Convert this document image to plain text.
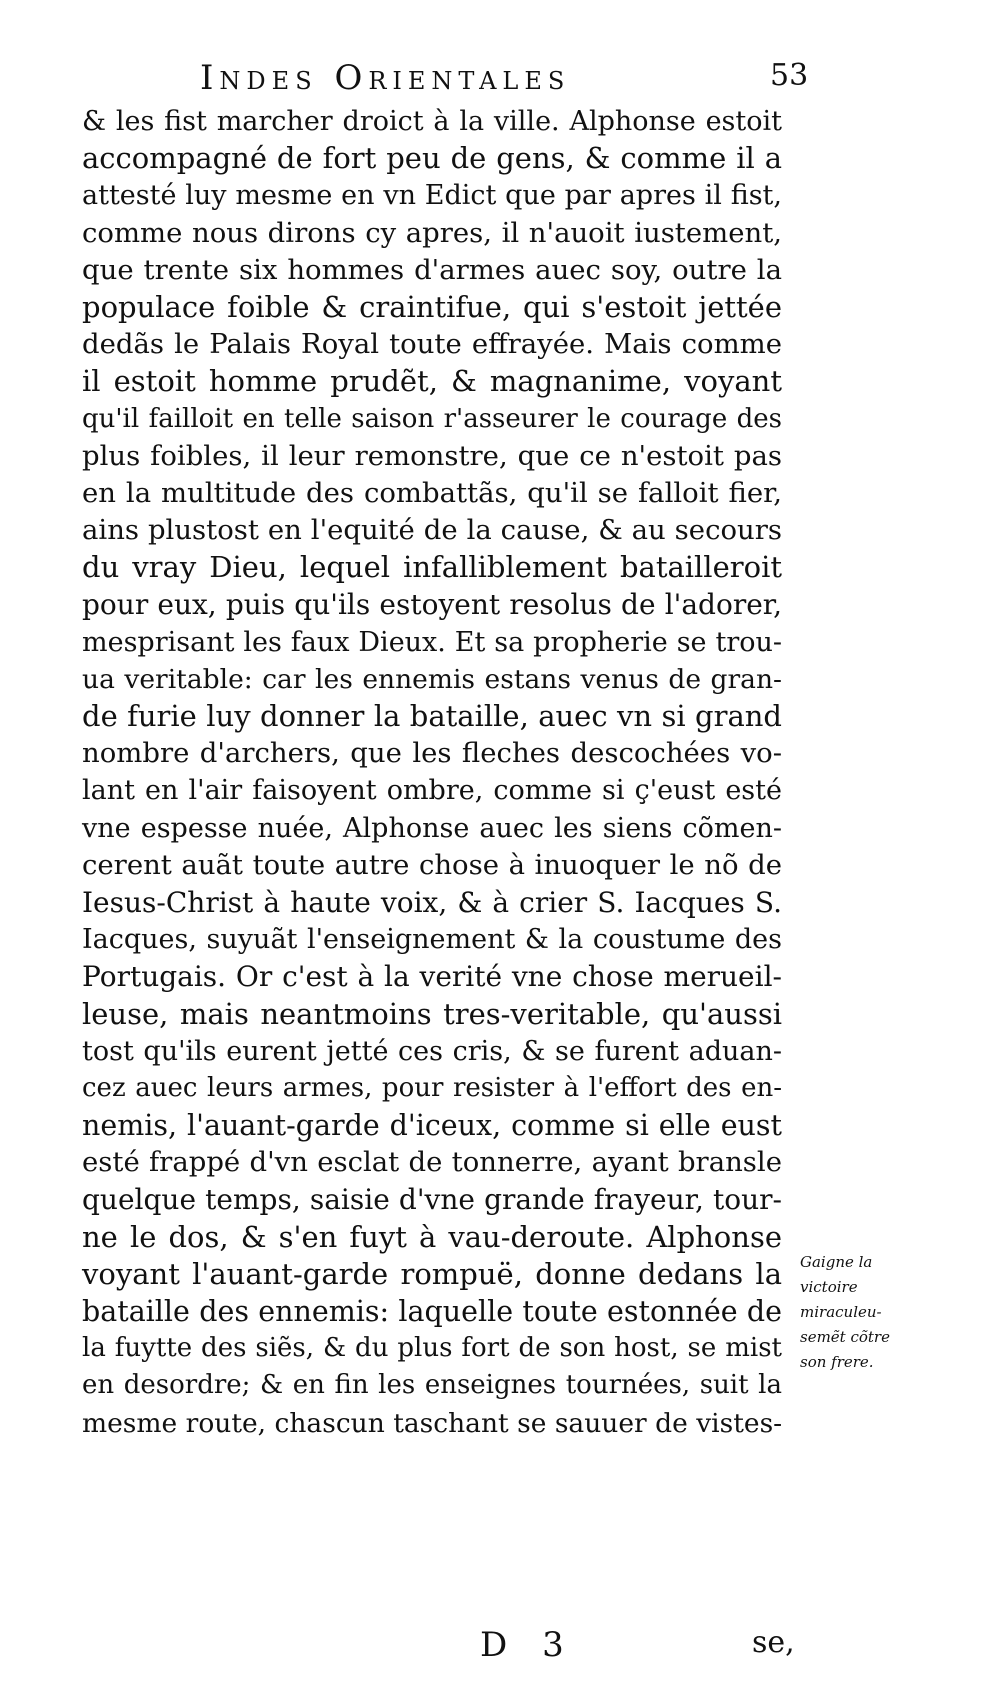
Indes Orientales	53
& les fist marcher droict à la ville. Alphonse estoit
accompagné de fort peu de gens, & comme il a
attesté luy mesme en vn Edict que par apres il fist,
comme nous dirons cy apres, il n'auoit iustement,
que trente six hommes d'armes auec soy, outre la
populace foible & craintifue, qui s'estoit jettée
dedãs le Palais Royal toute effrayée. Mais comme
il estoit homme prudẽt, & magnanime, voyant
qu'il failloit en telle saison r'asseurer le courage des
plus foibles, il leur remonstre, que ce n'estoit pas
en la multitude des combattãs, qu'il se falloit fier,
ains plustost en l'equité de la cause, & au secours
du vray Dieu, lequel infalliblement batailleroit
pour eux, puis qu'ils estoyent resolus de l'adorer,
mesprisant les faux Dieux. Et sa propherie se trou-
ua veritable: car les ennemis estans venus de gran-
de furie luy donner la bataille, auec vn si grand
nombre d'archers, que les fleches descochées vo-
lant en l'air faisoyent ombre, comme si ç'eust esté
vne espesse nuée, Alphonse auec les siens cõmen-
cerent auãt toute autre chose à inuoquer le nõ de
Iesus-Christ à haute voix, & à crier S. Iacques S.
Iacques, suyuãt l'enseignement & la coustume des
Portugais. Or c'est à la verité vne chose merueil-
leuse, mais neantmoins tres-veritable, qu'aussi
tost qu'ils eurent jetté ces cris, & se furent aduan-
cez auec leurs armes, pour resister à l'effort des en-
nemis, l'auant-garde d'iceux, comme si elle eust
esté frappé d'vn esclat de tonnerre, ayant bransle
quelque temps, saisie d'vne grande frayeur, tour-
ne le dos, & s'en fuyt à vau-deroute. Alphonse
voyant l'auant-garde rompuë, donne dedans la
bataille des ennemis: laquelle toute estonnée de
la fuytte des siẽs, & du plus fort de son host, se mist
en desordre; & en fin les enseignes tournées, suit la
mesme route, chascun taschant se sauuer de vistes-
Gaigne la
victoire
miraculeu-
semẽt cõtre
son frere.
D 3	se,
